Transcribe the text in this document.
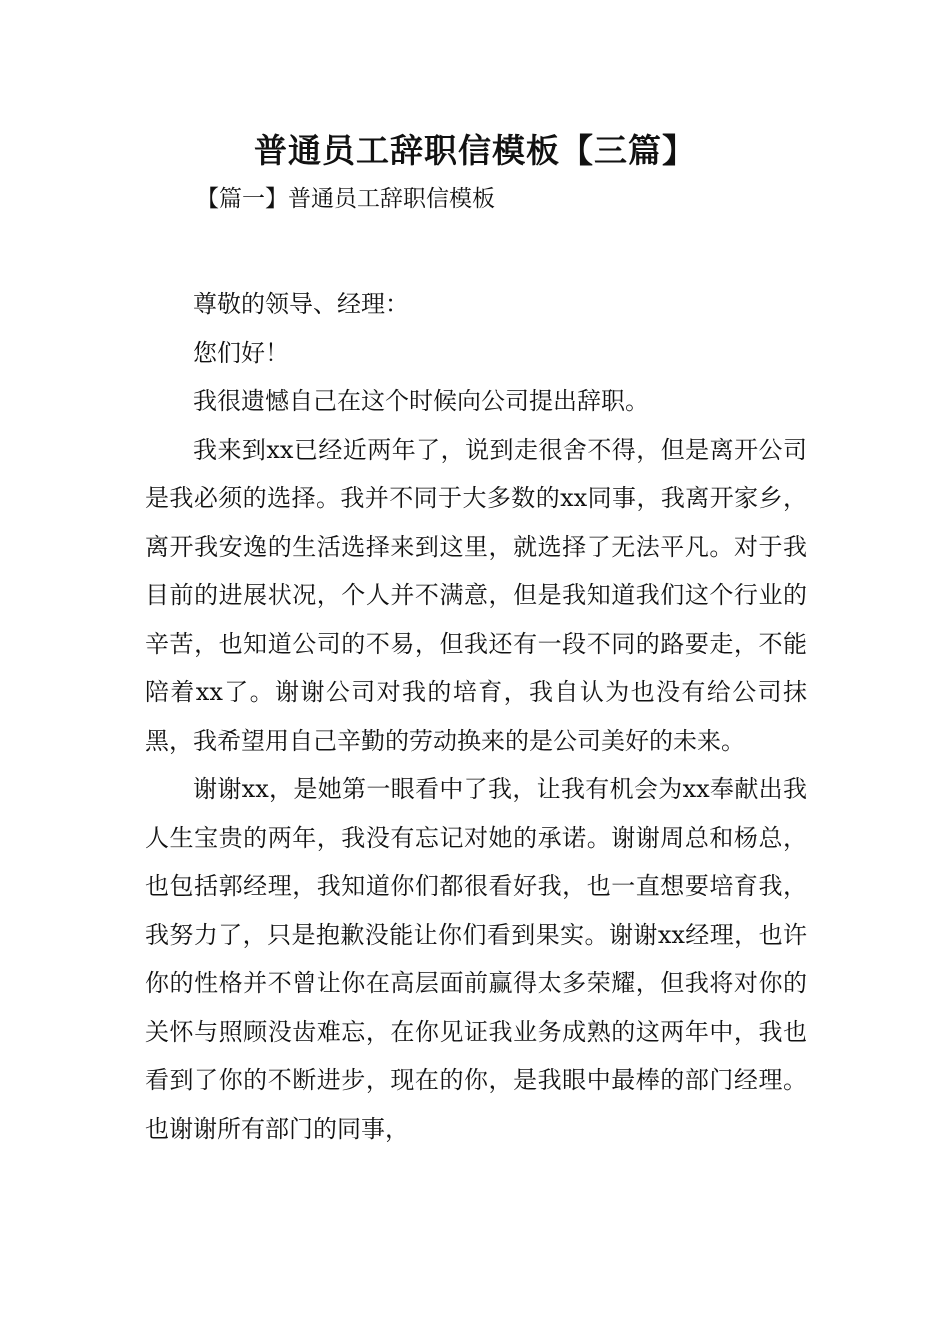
普通员工辞职信模板【三篇】
【篇一】普通员工辞职信模板

尊敬的领导、经理：

您们好！

我很遗憾自己在这个时候向公司提出辞职。

我来到xx已经近两年了，说到走很舍不得，但是离开公司是我必须的选择。我并不同于大多数的xx同事，我离开家乡，离开我安逸的生活选择来到这里，就选择了无法平凡。对于我目前的进展状况，个人并不满意，但是我知道我们这个行业的辛苦，也知道公司的不易，但我还有一段不同的路要走，不能陪着xx了。谢谢公司对我的培育，我自认为也没有给公司抹黑，我希望用自己辛勤的劳动换来的是公司美好的未来。

谢谢xx，是她第一眼看中了我，让我有机会为xx奉献出我人生宝贵的两年，我没有忘记对她的承诺。谢谢周总和杨总，也包括郭经理，我知道你们都很看好我，也一直想要培育我，我努力了，只是抱歉没能让你们看到果实。谢谢xx经理，也许你的性格并不曾让你在高层面前赢得太多荣耀，但我将对你的关怀与照顾没齿难忘，在你见证我业务成熟的这两年中，我也看到了你的不断进步，现在的你，是我眼中最棒的部门经理。也谢谢所有部门的同事，
